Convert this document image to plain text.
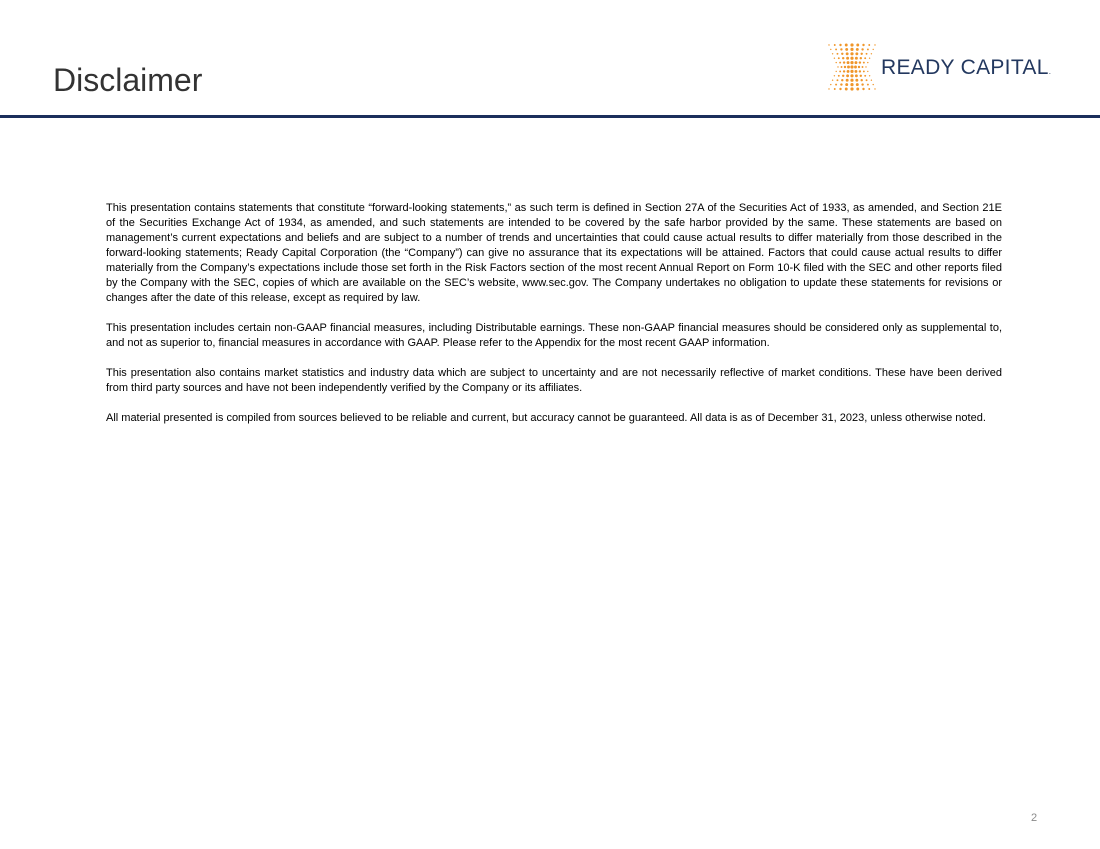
Disclaimer	READY CAPITAL.

This presentation contains statements that constitute “forward-looking statements,” as such term is defined in Section 27A of the Securities Act of 1933, as amended, and Section 21E of the Securities Exchange Act of 1934, as amended, and such statements are intended to be covered by the safe harbor provided by the same. These statements are based on management’s current expectations and beliefs and are subject to a number of trends and uncertainties that could cause actual results to differ materially from those described in the forward-looking statements; Ready Capital Corporation (the “Company”) can give no assurance that its expectations will be attained. Factors that could cause actual results to differ materially from the Company’s expectations include those set forth in the Risk Factors section of the most recent Annual Report on Form 10-K filed with the SEC and other reports filed by the Company with the SEC, copies of which are available on the SEC’s website, www.sec.gov. The Company undertakes no obligation to update these statements for revisions or changes after the date of this release, except as required by law.

This presentation includes certain non-GAAP financial measures, including Distributable earnings. These non-GAAP financial measures should be considered only as supplemental to, and not as superior to, financial measures in accordance with GAAP. Please refer to the Appendix for the most recent GAAP information.

This presentation also contains market statistics and industry data which are subject to uncertainty and are not necessarily reflective of market conditions. These have been derived from third party sources and have not been independently verified by the Company or its affiliates.

All material presented is compiled from sources believed to be reliable and current, but accuracy cannot be guaranteed. All data is as of December 31, 2023, unless otherwise noted.

2
